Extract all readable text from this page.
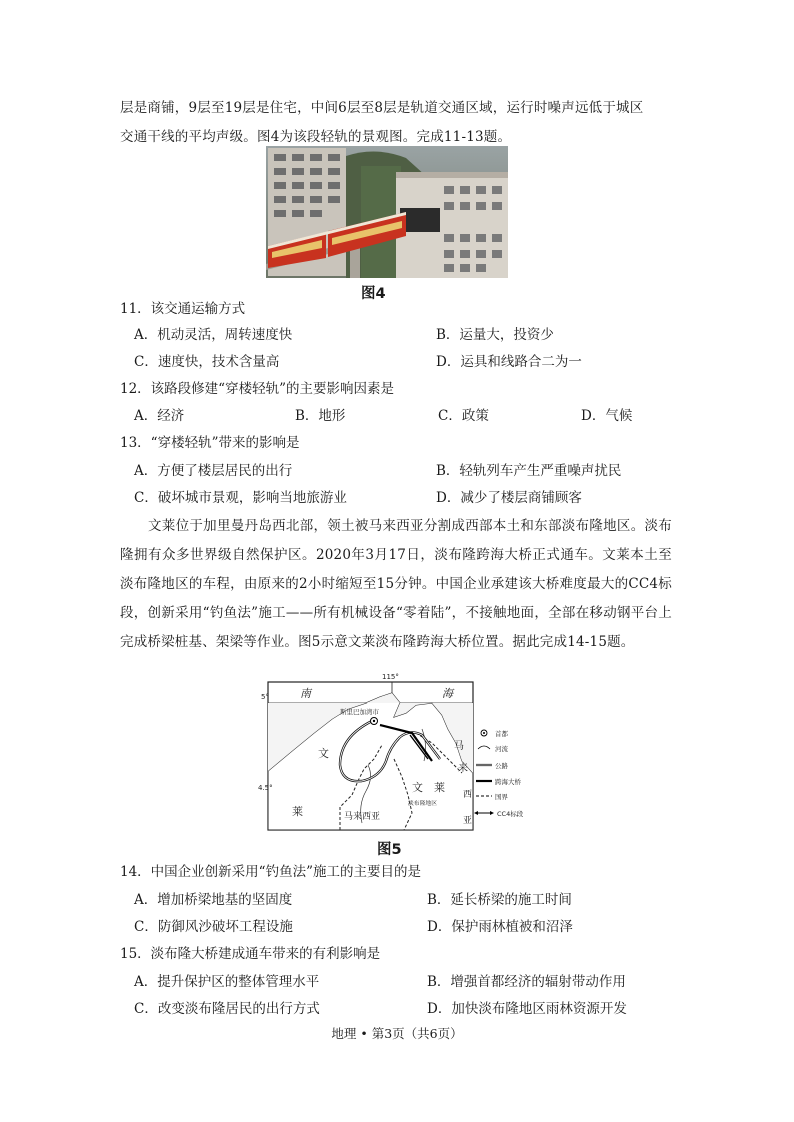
层是商铺，9层至19层是住宅，中间6层至8层是轨道交通区域，运行时噪声远低于城区
交通干线的平均声级。图4为该段轻轨的景观图。完成11-13题。
图4
11．该交通运输方式
A．机动灵活，周转速度快	B．运量大，投资少
C．速度快，技术含量高	D．运具和线路合二为一
12．该路段修建“穿楼轻轨”的主要影响因素是
A．经济	B．地形	C．政策	D．气候
13．“穿楼轻轨”带来的影响是
A．方便了楼层居民的出行	B．轻轨列车产生严重噪声扰民
C．破坏城市景观，影响当地旅游业	D．减少了楼层商铺顾客
文莱位于加里曼丹岛西北部，领土被马来西亚分割成西部本土和东部淡布隆地区。淡布隆拥有众多世界级自然保护区。2020年3月17日，淡布隆跨海大桥正式通车。文莱本土至淡布隆地区的车程，由原来的2小时缩短至15分钟。中国企业承建该大桥难度最大的CC4标段，创新采用“钓鱼法”施工——所有机械设备“零着陆”，不接触地面，全部在移动钢平台上完成桥梁桩基、架梁等作业。图5示意文莱淡布隆跨海大桥位置。据此完成14-15题。
115°
5°
4.5°
南	海
斯里巴加湾市
文
莱
文 莱
马来西亚
淡布隆地区
马
来
西
亚
首都
河流
公路
跨海大桥
国界
CC4标段
图5
14．中国企业创新采用“钓鱼法”施工的主要目的是
A．增加桥梁地基的坚固度	B．延长桥梁的施工时间
C．防御风沙破坏工程设施	D．保护雨林植被和沼泽
15．淡布隆大桥建成通车带来的有利影响是
A．提升保护区的整体管理水平	B．增强首都经济的辐射带动作用
C．改变淡布隆居民的出行方式	D．加快淡布隆地区雨林资源开发
地理 • 第3页（共6页）
